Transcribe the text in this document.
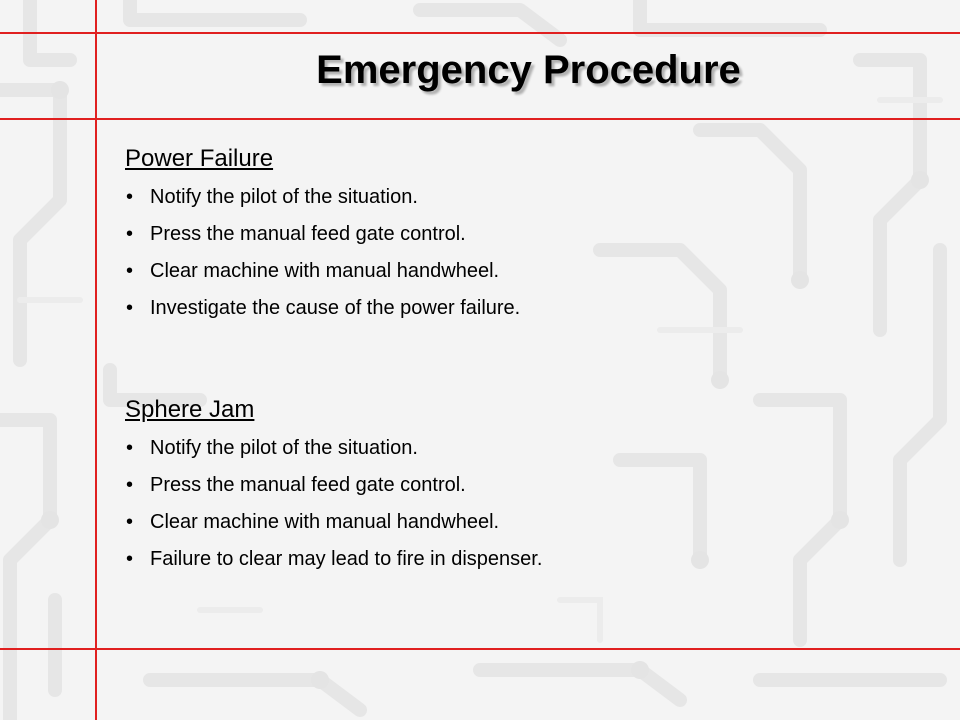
Emergency Procedure
Power Failure
• Notify the pilot of the situation.
• Press the manual feed gate control.
• Clear machine with manual handwheel.
• Investigate the cause of the power failure.
Sphere Jam
• Notify the pilot of the situation.
• Press the manual feed gate control.
• Clear machine with manual handwheel.
• Failure to clear may lead to fire in dispenser.
